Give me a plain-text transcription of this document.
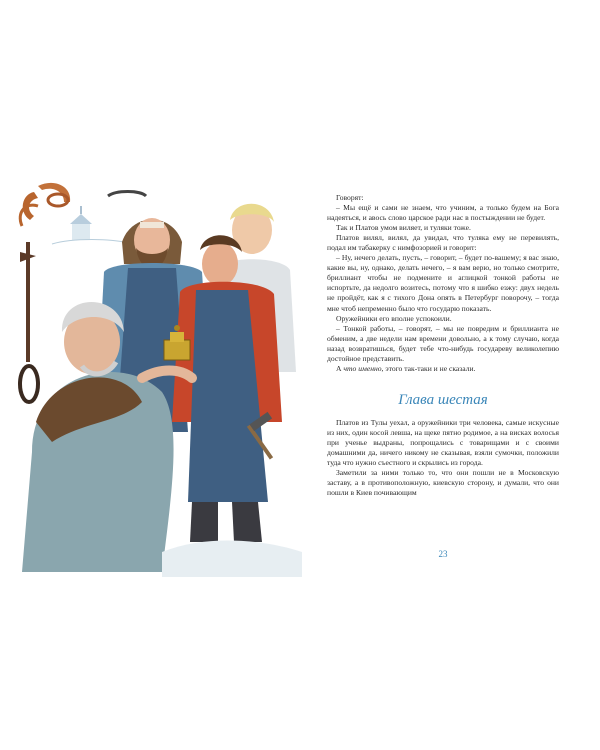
Говорят:

– Мы ещё и сами не знаем, что учиним, а только будем на Бога надеяться, и авось слово царское ради нас в постыждении не будет.

Так и Платов умом виляет, и туляки тоже.

Платов вилял, вилял, да увидал, что туляка ему не перевилять, подал им табакерку с нимфозорией и говорит:

– Ну, нечего делать, пусть, – говорит, – будет по-вашему; я вас знаю, какие вы, ну, однако, делать нечего, – я вам верю, но только смотрите, бриллиант чтобы не подмените и аглицкой тонкой работы не испортьте, да недолго возитесь, потому что я шибко езжу: двух недель не пройдёт, как я с тихого Дона опять в Петербург поворочу, – тогда мне чтоб непременно было что государю показать.

Оружейники его вполне успокоили.

– Тонкой работы, – говорят, – мы не повредим и бриллианта не обменим, а две недели нам времени довольно, а к тому случаю, когда назад возвратишься, будет тебе что-нибудь государеву великолепию достойное представить.

А что именно, этого так-таки и не сказали.

Глава шестая

Платов из Тулы уехал, а оружейники три человека, самые искусные из них, один косой левша, на щеке пятно родимое, а на висках волосья при ученье выдраны, попрощались с товарищами и с своими домашними да, ничего никому не сказывая, взяли сумочки, положили туда что нужно съестного и скрылись из города.

Заметили за ними только то, что они пошли не в Московскую заставу, а в противоположную, киевскую сторону, и думали, что они пошли в Киев почивающим

23
